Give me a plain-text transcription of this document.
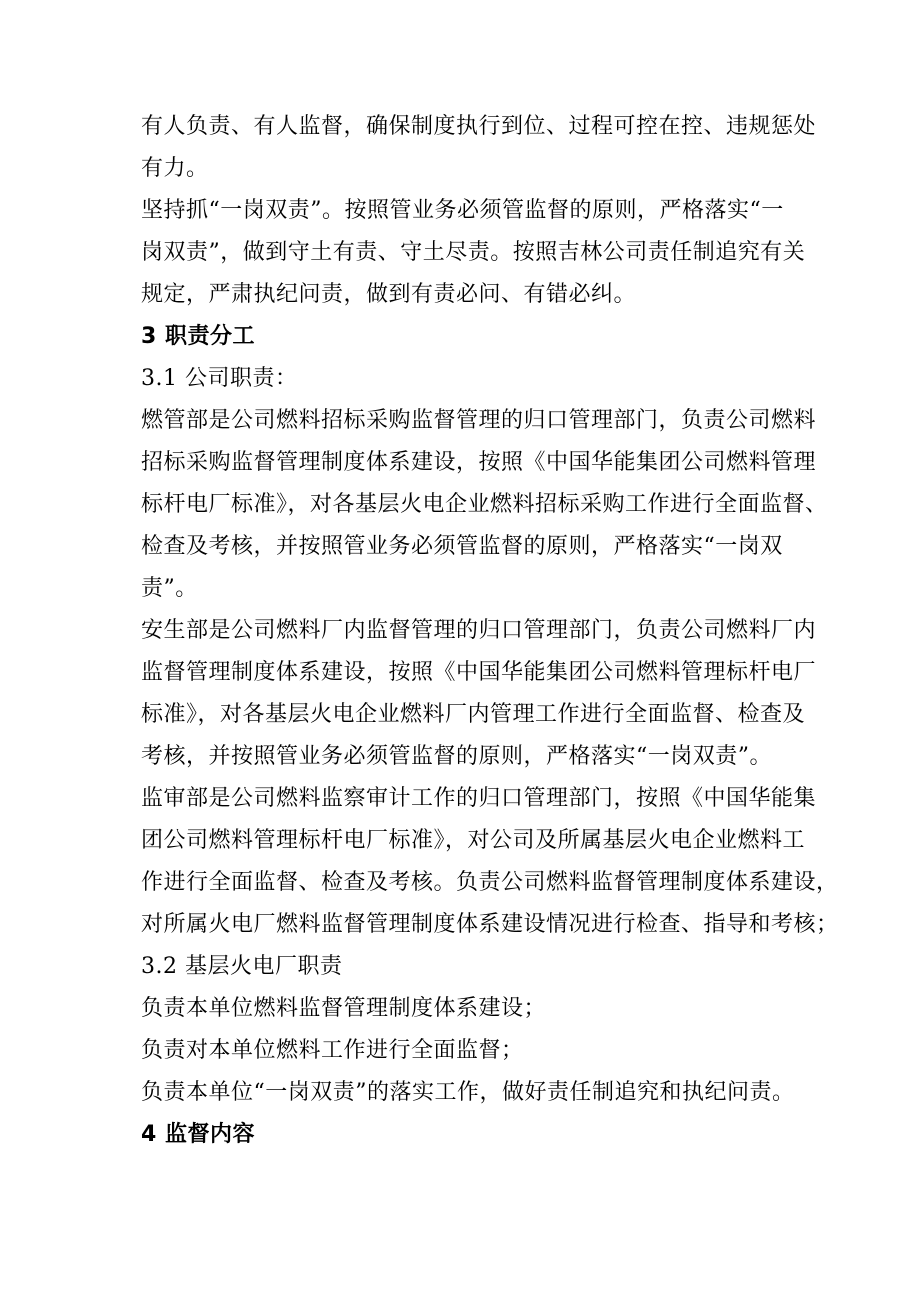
有人负责、有人监督，确保制度执行到位、过程可控在控、违规惩处
有力。
坚持抓“一岗双责”。按照管业务必须管监督的原则，严格落实“一
岗双责”，做到守土有责、守土尽责。按照吉林公司责任制追究有关
规定，严肃执纪问责，做到有责必问、有错必纠。
3 职责分工
3.1 公司职责：
燃管部是公司燃料招标采购监督管理的归口管理部门，负责公司燃料
招标采购监督管理制度体系建设，按照《中国华能集团公司燃料管理
标杆电厂标准》，对各基层火电企业燃料招标采购工作进行全面监督、
检查及考核，并按照管业务必须管监督的原则，严格落实“一岗双
责”。
安生部是公司燃料厂内监督管理的归口管理部门，负责公司燃料厂内
监督管理制度体系建设，按照《中国华能集团公司燃料管理标杆电厂
标准》，对各基层火电企业燃料厂内管理工作进行全面监督、检查及
考核，并按照管业务必须管监督的原则，严格落实“一岗双责”。
监审部是公司燃料监察审计工作的归口管理部门，按照《中国华能集
团公司燃料管理标杆电厂标准》，对公司及所属基层火电企业燃料工
作进行全面监督、检查及考核。负责公司燃料监督管理制度体系建设，
对所属火电厂燃料监督管理制度体系建设情况进行检查、指导和考核；
3.2 基层火电厂职责
负责本单位燃料监督管理制度体系建设；
负责对本单位燃料工作进行全面监督；
负责本单位“一岗双责”的落实工作，做好责任制追究和执纪问责。
4 监督内容
